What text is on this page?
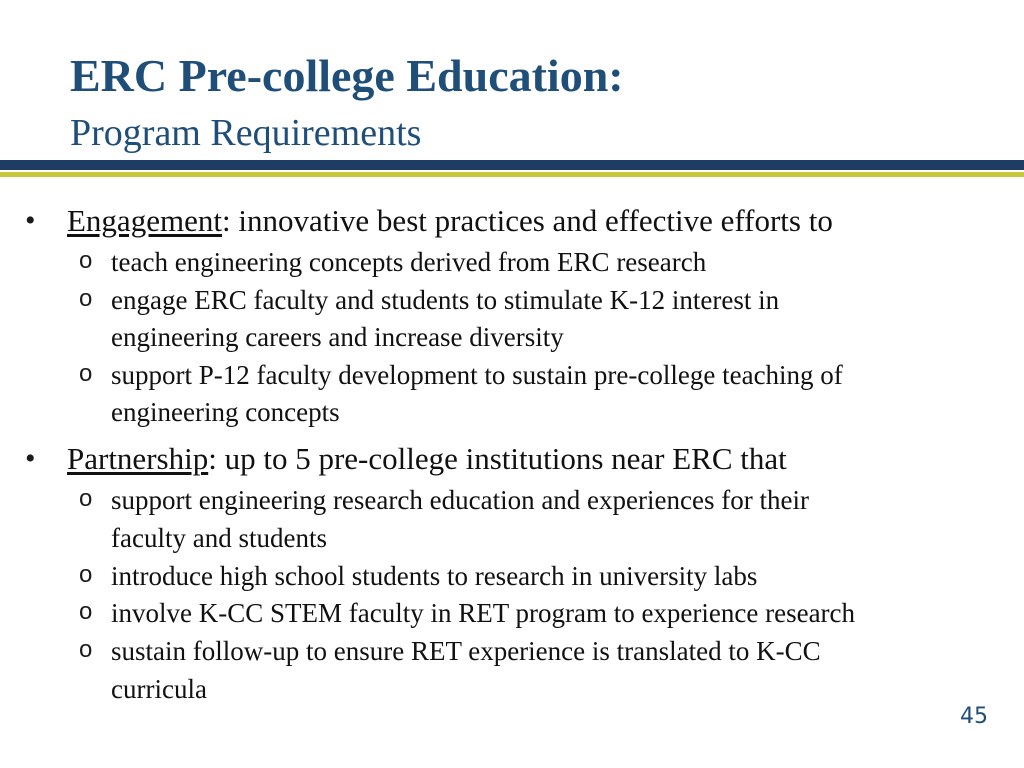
ERC Pre-college Education:
Program Requirements
• Engagement: innovative best practices and effective efforts to
o teach engineering concepts derived from ERC research
o engage ERC faculty and students to stimulate K-12 interest in
engineering careers and increase diversity
o support P-12 faculty development to sustain pre-college teaching of
engineering concepts
• Partnership: up to 5 pre-college institutions near ERC that
o support engineering research education and experiences for their
faculty and students
o introduce high school students to research in university labs
o involve K-CC STEM faculty in RET program to experience research
o sustain follow-up to ensure RET experience is translated to K-CC
curricula
45
